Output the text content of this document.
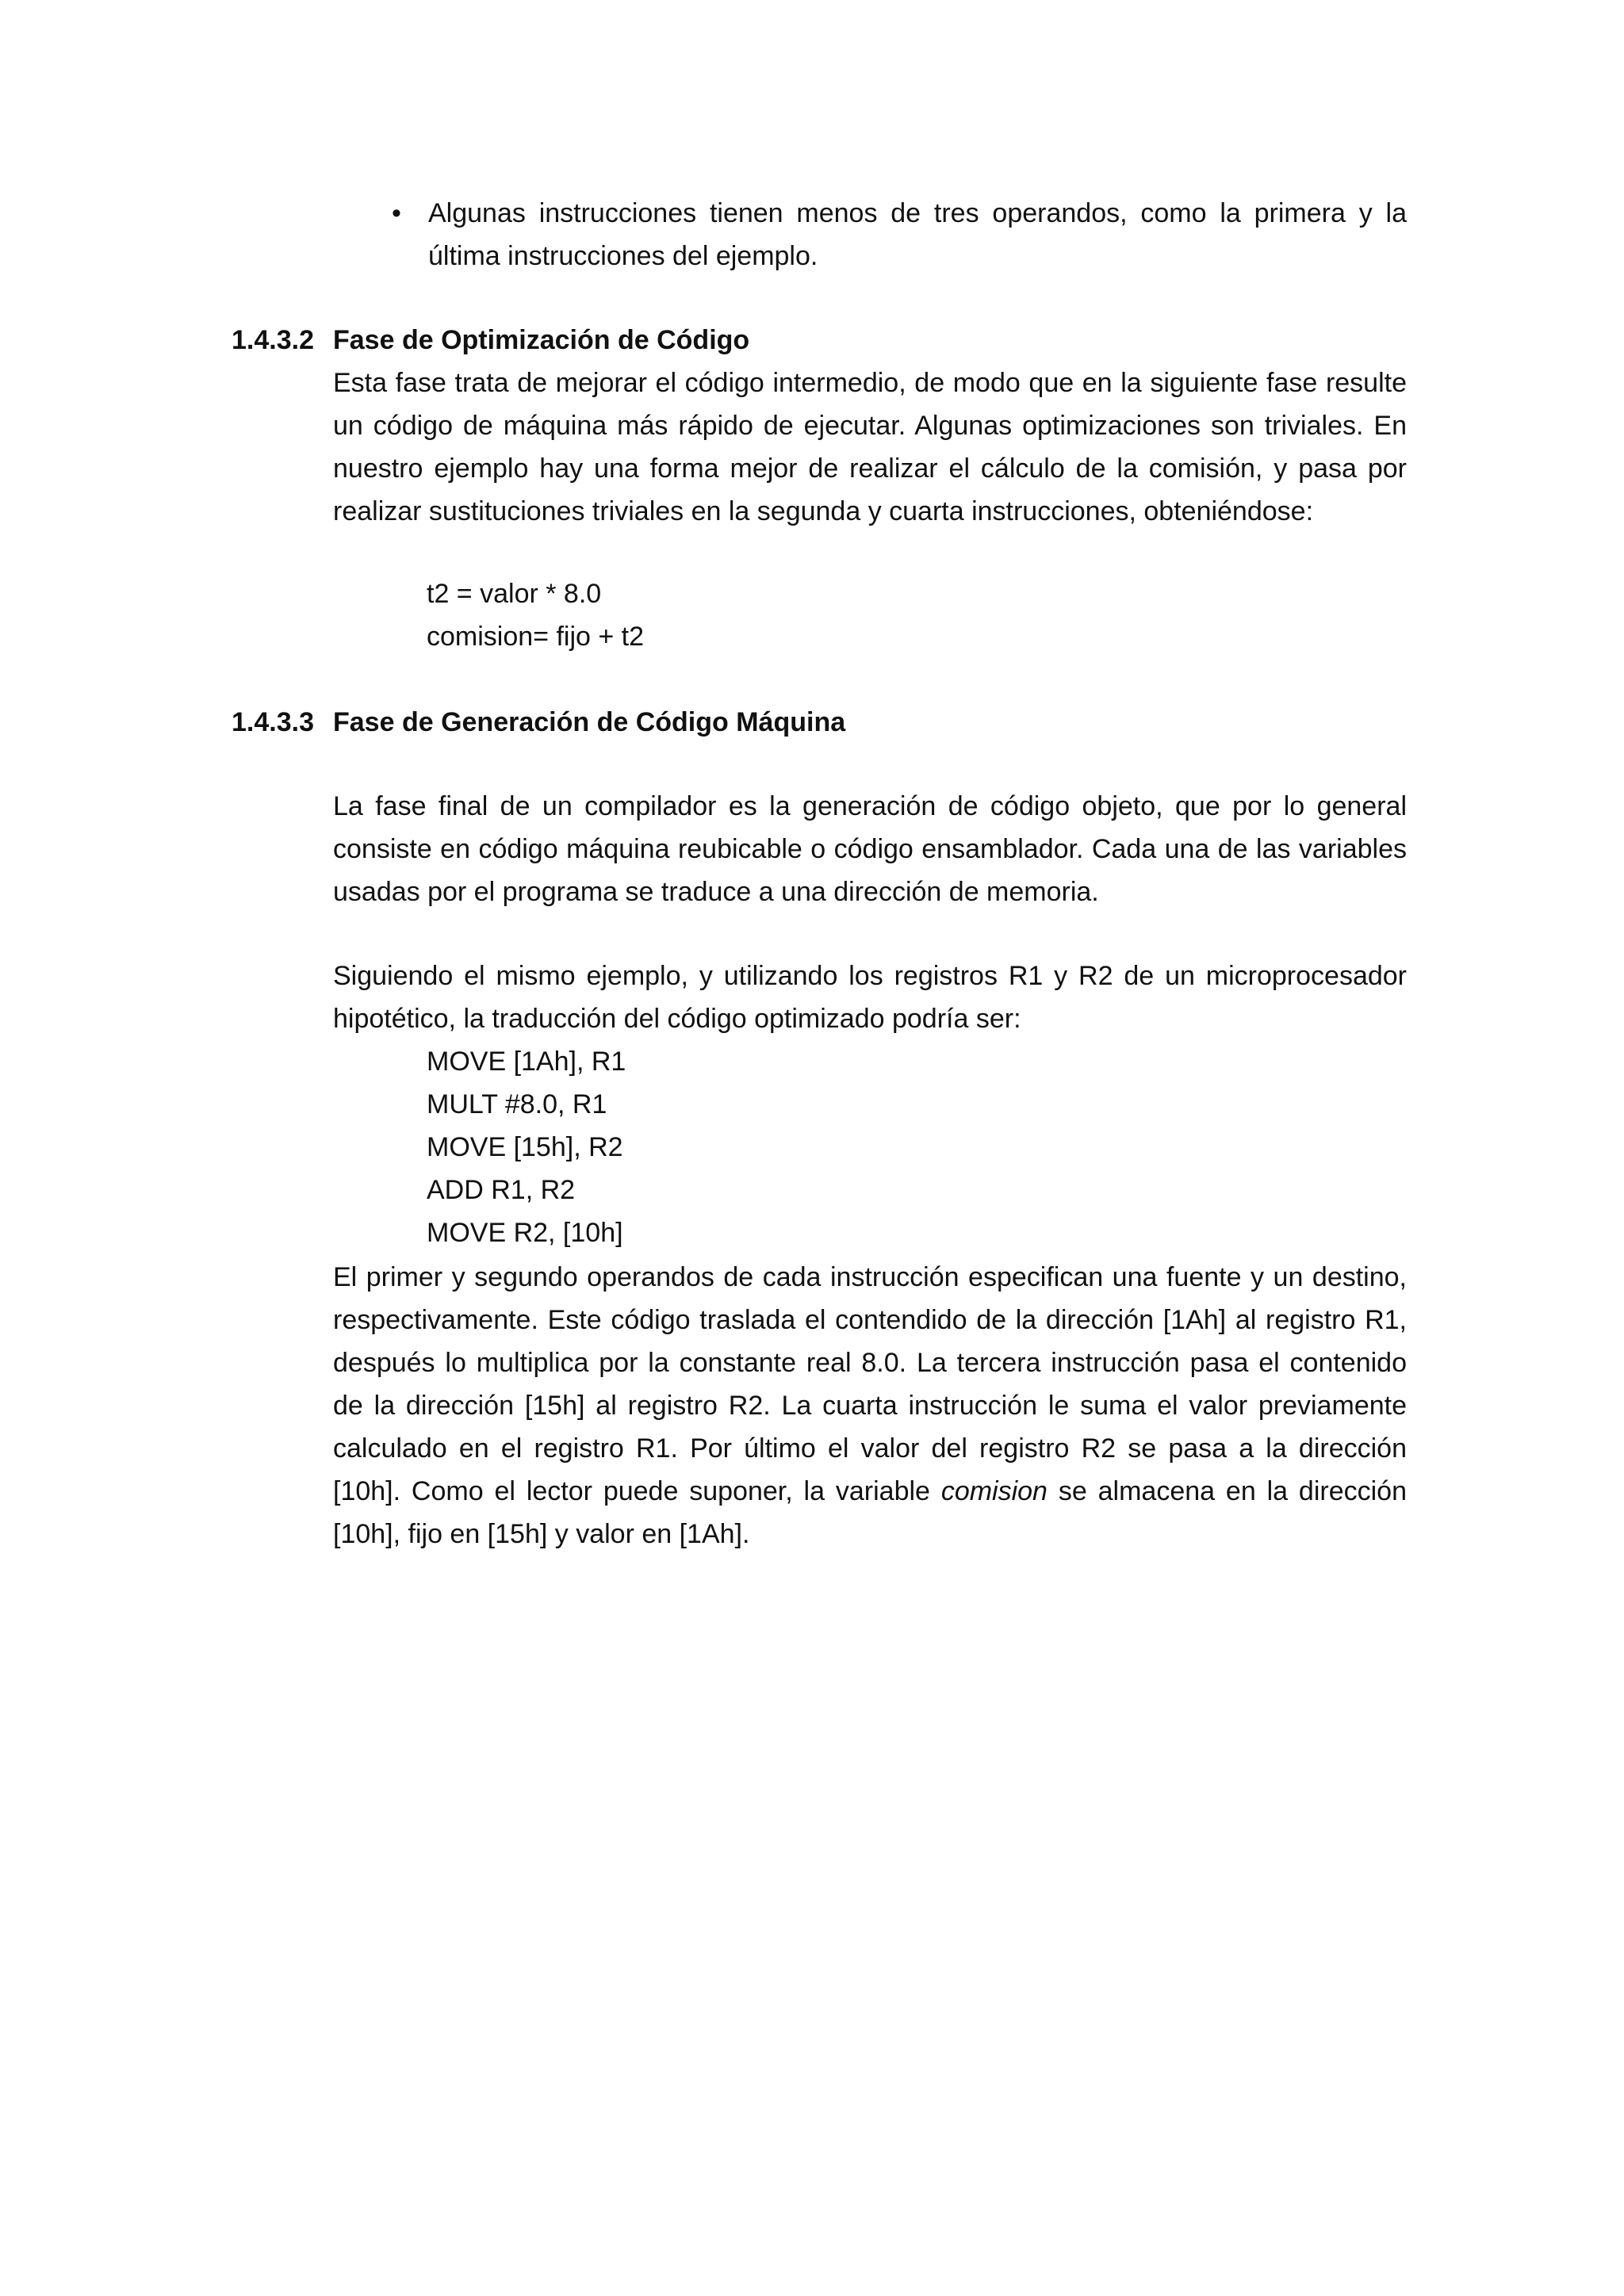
•	Algunas instrucciones tienen menos de tres operandos, como la primera y la última instrucciones del ejemplo.
1.4.3.2 Fase de Optimización de Código
Esta fase trata de mejorar el código intermedio, de modo que en la siguiente fase resulte un código de máquina más rápido de ejecutar. Algunas optimizaciones son triviales. En nuestro ejemplo hay una forma mejor de realizar el cálculo de la comisión, y pasa por realizar sustituciones triviales en la segunda y cuarta instrucciones, obteniéndose:
t2 = valor * 8.0
comision= fijo + t2
1.4.3.3 Fase de Generación de Código Máquina
La fase final de un compilador es la generación de código objeto, que por lo general consiste en código máquina reubicable o código ensamblador. Cada una de las variables usadas por el programa se traduce a una dirección de memoria.
Siguiendo el mismo ejemplo, y utilizando los registros R1 y R2 de un microprocesador hipotético, la traducción del código optimizado podría ser:
MOVE [1Ah], R1
MULT #8.0, R1
MOVE [15h], R2
ADD R1, R2
MOVE R2, [10h]
El primer y segundo operandos de cada instrucción especifican una fuente y un destino, respectivamente. Este código traslada el contendido de la dirección [1Ah] al registro R1, después lo multiplica por la constante real 8.0. La tercera instrucción pasa el contenido de la dirección [15h] al registro R2. La cuarta instrucción le suma el valor previamente calculado en el registro R1. Por último el valor del registro R2 se pasa a la dirección [10h]. Como el lector puede suponer, la variable comision se almacena en la dirección [10h], fijo en [15h] y valor en [1Ah].
